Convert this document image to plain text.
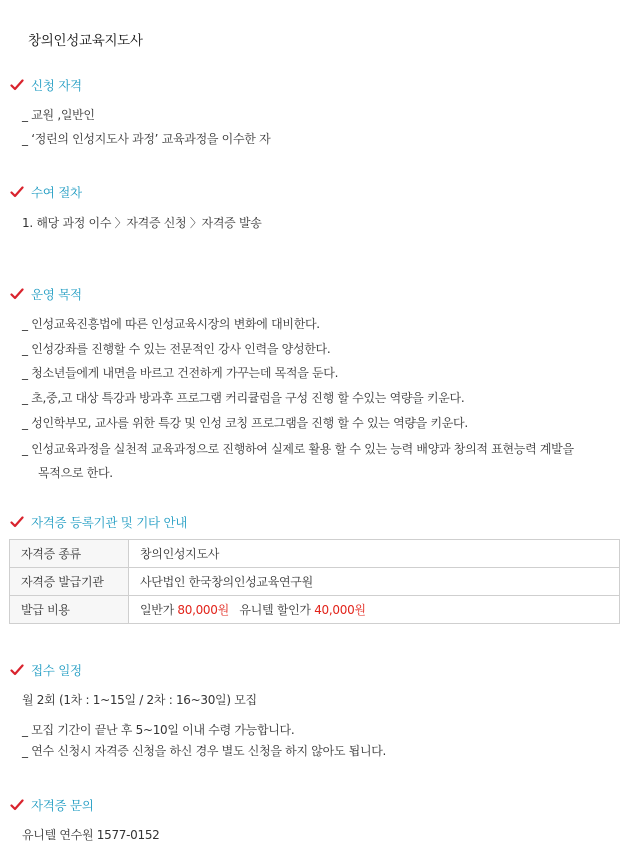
창의인성교육지도사
신청 자격
_ 교원 ,일반인
_ ‘정린의 인성지도사 과정’ 교육과정을 이수한 자
수여 절차
1. 해당 과정 이수 〉자격증 신청 〉자격증 발송
운영 목적
_ 인성교육진흥법에 따른 인성교육시장의 변화에 대비한다.
_ 인성강좌를 진행할 수 있는 전문적인 강사 인력을 양성한다.
_ 청소년들에게 내면을 바르고 건전하게 가꾸는데 목적을 둔다.
_ 초,중,고 대상 특강과 방과후 프로그램 커리큘럼을 구성 진행 할 수있는 역량을 키운다.
_ 성인학부모, 교사를 위한 특강 및 인성 코칭 프로그램을 진행 할 수 있는 역량을 키운다.
_ 인성교육과정을 실천적 교육과정으로 진행하여 실제로 활용 할 수 있는 능력 배양과 창의적 표현능력 계발을
목적으로 한다.
자격증 등록기관 및 기타 안내
자격증 종류	창의인성지도사
자격증 발급기관	사단법인 한국창의인성교육연구원
발급 비용	일반가 80,000원   유니텔 할인가 40,000원
접수 일정
월 2회 (1차 : 1~15일 / 2차 : 16~30일) 모집
_ 모집 기간이 끝난 후 5~10일 이내 수령 가능합니다.
_ 연수 신청시 자격증 신청을 하신 경우 별도 신청을 하지 않아도 됩니다.
자격증 문의
유니텔 연수원 1577-0152
